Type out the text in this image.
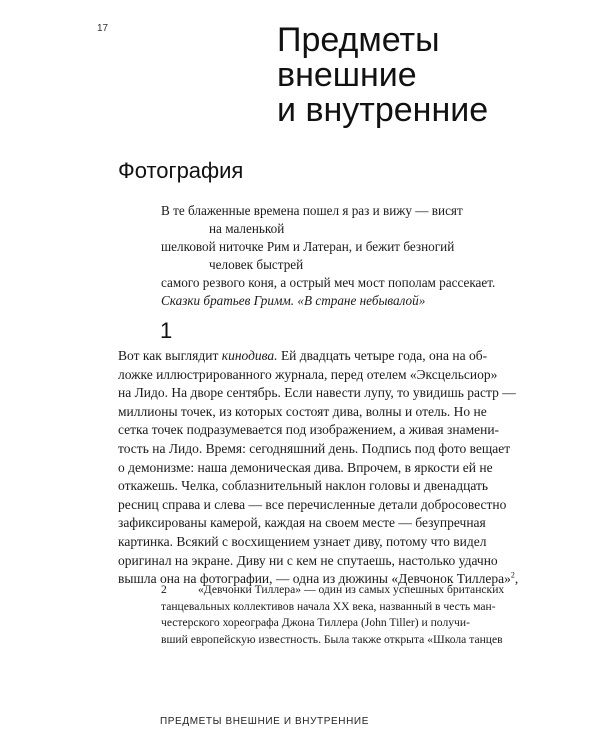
17	Предметы
внешние
и внутренние
Фотография
В те блаженные времена пошел я раз и вижу — висят
на маленькой
шелковой ниточке Рим и Латеран, и бежит безногий
человек быстрей
самого резвого коня, а острый меч мост пополам рассекает.
Сказки братьев Гримм. «В стране небывалой»
1
Вот как выглядит кинодива. Ей двадцать четыре года, она на об-
ложке иллюстрированного журнала, перед отелем «Эксцельсиор»
на Лидо. На дворе сентябрь. Если навести лупу, то увидишь растр —
миллионы точек, из которых состоят дива, волны и отель. Но не
сетка точек подразумевается под изображением, а живая знамени-
тость на Лидо. Время: сегодняшний день. Подпись под фото вещает
о демонизме: наша демоническая дива. Впрочем, в яркости ей не
откажешь. Челка, соблазнительный наклон головы и двенадцать
ресниц справа и слева — все перечисленные детали добросовестно
зафиксированы камерой, каждая на своем месте — безупречная
картинка. Всякий с восхищением узнает диву, потому что видел
оригинал на экране. Диву ни с кем не спутаешь, настолько удачно
вышла она на фотографии, — одна из дюжины «Девчонок Тиллера»$^2$,
2	«Девчонки Тиллера» — один из самых успешных британских
танцевальных коллективов начала XX века, названный в честь ман-
честерского хореографа Джона Тиллера (John Tiller) и получи-
вший европейскую известность. Была также открыта «Школа танцев
ПРЕДМЕТЫ ВНЕШНИЕ И ВНУТРЕННИЕ
